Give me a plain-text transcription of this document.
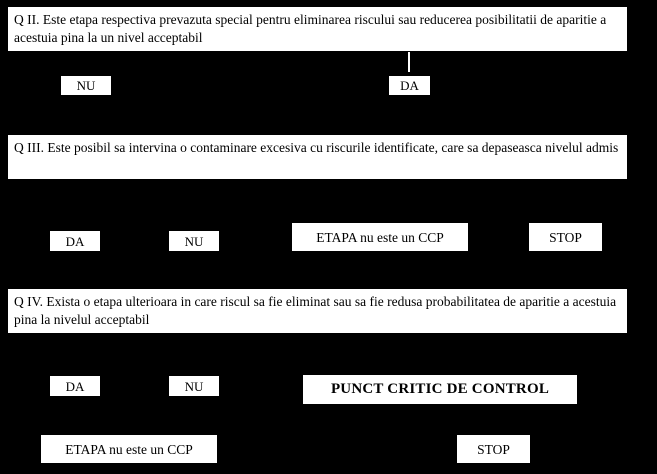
Q II. Este etapa respectiva prevazuta special pentru eliminarea riscului sau reducerea posibilitatii de aparitie a acestuia pina la un nivel acceptabil
NU	DA
Q III. Este posibil sa intervina o contaminare excesiva cu riscurile identificate, care sa depaseasca nivelul admis
DA	NU	ETAPA nu este un CCP	STOP
Q IV. Exista o etapa ulterioara in care riscul sa fie eliminat sau sa fie redusa probabilitatea de aparitie a acestuia pina la nivelul acceptabil
DA	NU	PUNCT CRITIC DE CONTROL
ETAPA nu este un CCP	STOP
